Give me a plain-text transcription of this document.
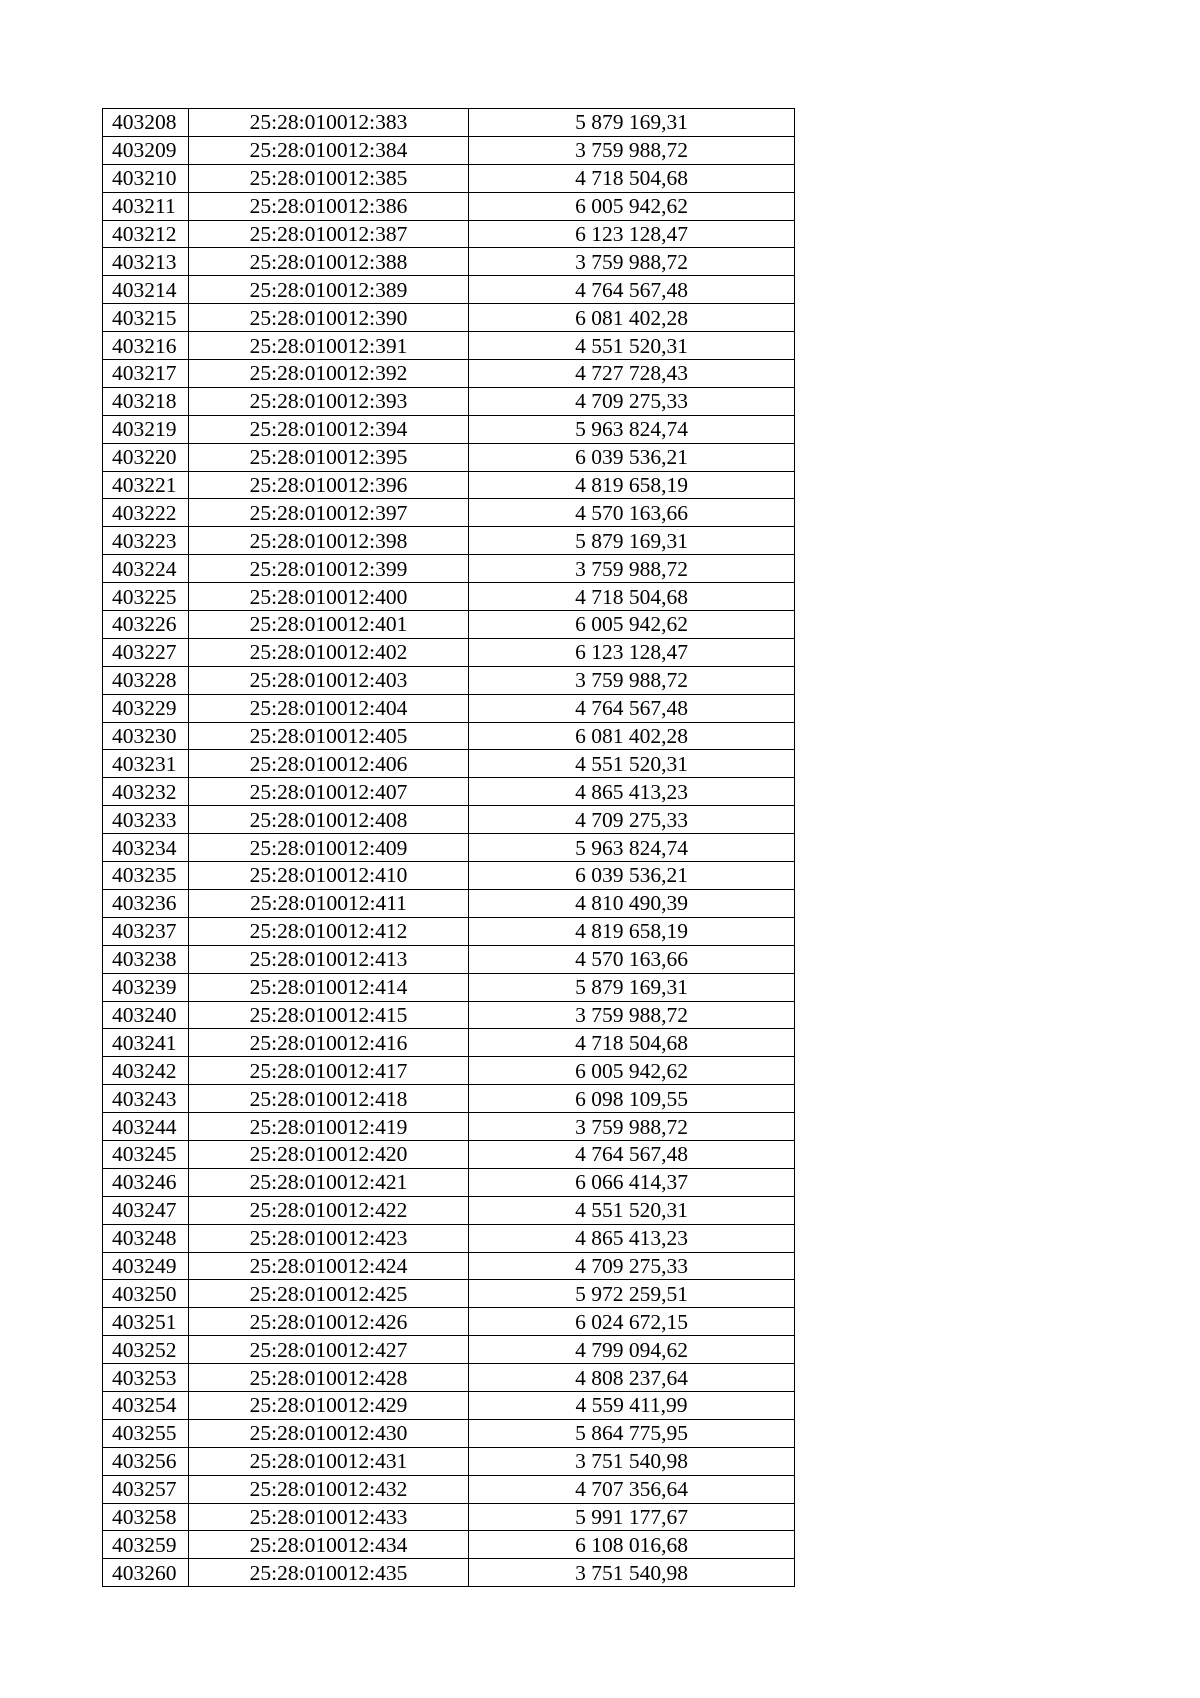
403208	25:28:010012:383	5 879 169,31
403209	25:28:010012:384	3 759 988,72
403210	25:28:010012:385	4 718 504,68
403211	25:28:010012:386	6 005 942,62
403212	25:28:010012:387	6 123 128,47
403213	25:28:010012:388	3 759 988,72
403214	25:28:010012:389	4 764 567,48
403215	25:28:010012:390	6 081 402,28
403216	25:28:010012:391	4 551 520,31
403217	25:28:010012:392	4 727 728,43
403218	25:28:010012:393	4 709 275,33
403219	25:28:010012:394	5 963 824,74
403220	25:28:010012:395	6 039 536,21
403221	25:28:010012:396	4 819 658,19
403222	25:28:010012:397	4 570 163,66
403223	25:28:010012:398	5 879 169,31
403224	25:28:010012:399	3 759 988,72
403225	25:28:010012:400	4 718 504,68
403226	25:28:010012:401	6 005 942,62
403227	25:28:010012:402	6 123 128,47
403228	25:28:010012:403	3 759 988,72
403229	25:28:010012:404	4 764 567,48
403230	25:28:010012:405	6 081 402,28
403231	25:28:010012:406	4 551 520,31
403232	25:28:010012:407	4 865 413,23
403233	25:28:010012:408	4 709 275,33
403234	25:28:010012:409	5 963 824,74
403235	25:28:010012:410	6 039 536,21
403236	25:28:010012:411	4 810 490,39
403237	25:28:010012:412	4 819 658,19
403238	25:28:010012:413	4 570 163,66
403239	25:28:010012:414	5 879 169,31
403240	25:28:010012:415	3 759 988,72
403241	25:28:010012:416	4 718 504,68
403242	25:28:010012:417	6 005 942,62
403243	25:28:010012:418	6 098 109,55
403244	25:28:010012:419	3 759 988,72
403245	25:28:010012:420	4 764 567,48
403246	25:28:010012:421	6 066 414,37
403247	25:28:010012:422	4 551 520,31
403248	25:28:010012:423	4 865 413,23
403249	25:28:010012:424	4 709 275,33
403250	25:28:010012:425	5 972 259,51
403251	25:28:010012:426	6 024 672,15
403252	25:28:010012:427	4 799 094,62
403253	25:28:010012:428	4 808 237,64
403254	25:28:010012:429	4 559 411,99
403255	25:28:010012:430	5 864 775,95
403256	25:28:010012:431	3 751 540,98
403257	25:28:010012:432	4 707 356,64
403258	25:28:010012:433	5 991 177,67
403259	25:28:010012:434	6 108 016,68
403260	25:28:010012:435	3 751 540,98
